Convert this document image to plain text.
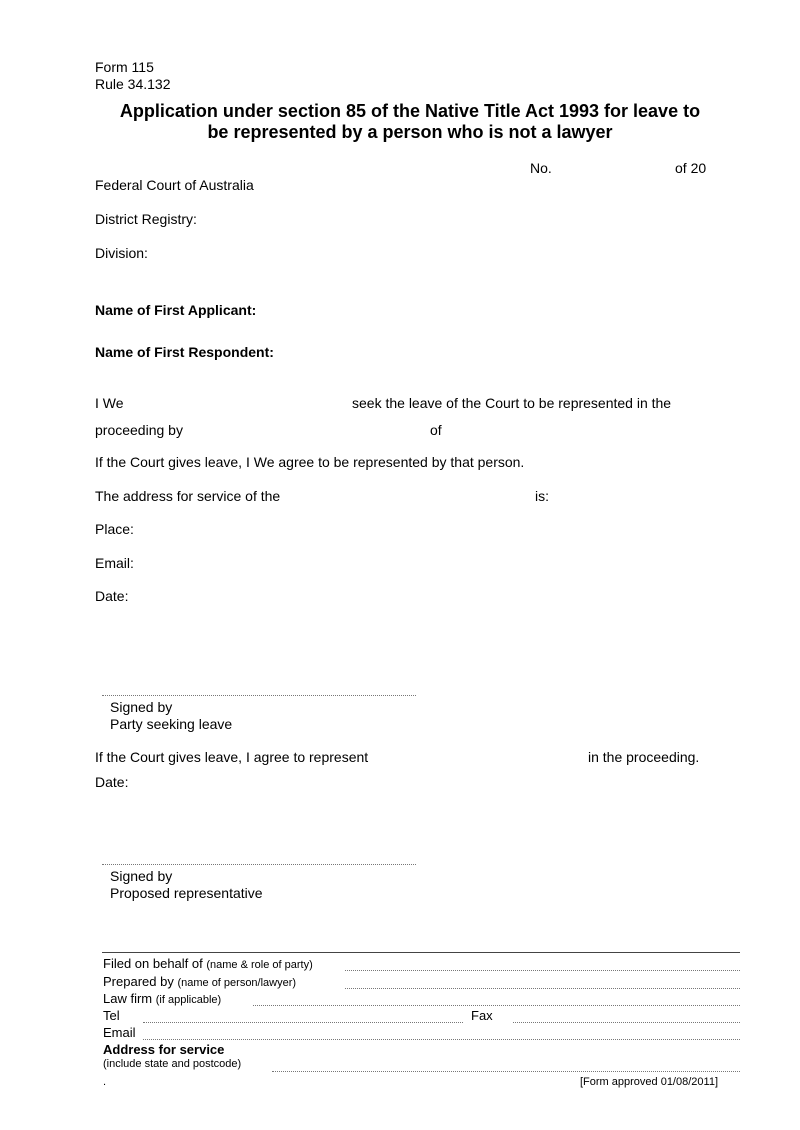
Form 115
Rule 34.132
Application under section 85 of the Native Title Act 1993 for leave to
be represented by a person who is not a lawyer
No.	of 20
Federal Court of Australia
District Registry:
Division:
Name of First Applicant:
Name of First Respondent:
I We	seek the leave of the Court to be represented in the
proceeding by	of
If the Court gives leave, I We agree to be represented by that person.
The address for service of the	is:
Place:
Email:
Date:
Signed by
Party seeking leave
If the Court gives leave, I agree to represent	in the proceeding.
Date:
Signed by
Proposed representative
Filed on behalf of (name & role of party)
Prepared by (name of person/lawyer)
Law firm (if applicable)
Tel	Fax
Email
Address for service
(include state and postcode)
.	[Form approved 01/08/2011]
